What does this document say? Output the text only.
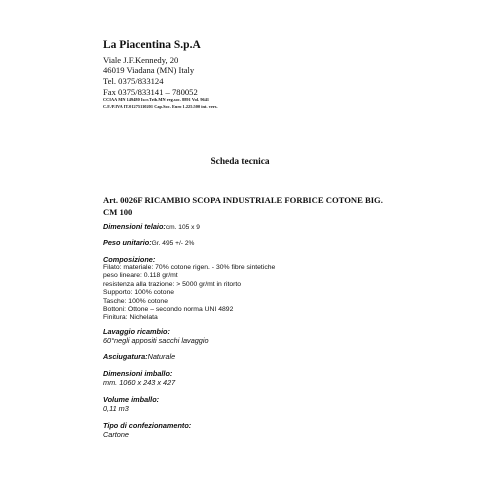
La Piacentina S.p.A
Viale J.F.Kennedy, 20
46019 Viadana (MN) Italy
Tel. 0375/833124
Fax 0375/833141 – 780052
CCIAA MN 149480 Iscr.Trib.MN reg.soc. 8891 Vol. 9641
C.F./P.IVA IT.01275110201 Cap.Soc. Euro 1.225.500 int. vers.
Scheda tecnica
Art. 0026F RICAMBIO SCOPA INDUSTRIALE FORBICE COTONE BIG.
CM 100
Dimensioni telaio:cm. 105 x 9
Peso unitario:Gr. 495 +/- 2%
Composizione:
Filato: materiale: 70% cotone rigen. - 30% fibre sintetiche
peso lineare: 0.118 gr/mt
resistenza alla trazione: > 5000 gr/mt in ritorto
Supporto: 100% cotone
Tasche: 100% cotone
Bottoni: Ottone – secondo norma UNI 4892
Finitura: Nichelata
Lavaggio ricambio:
60°negli appositi sacchi lavaggio
Asciugatura:Naturale
Dimensioni imballo:
mm. 1060 x 243 x 427
Volume imballo:
0,11 m3
Tipo di confezionamento:
Cartone
